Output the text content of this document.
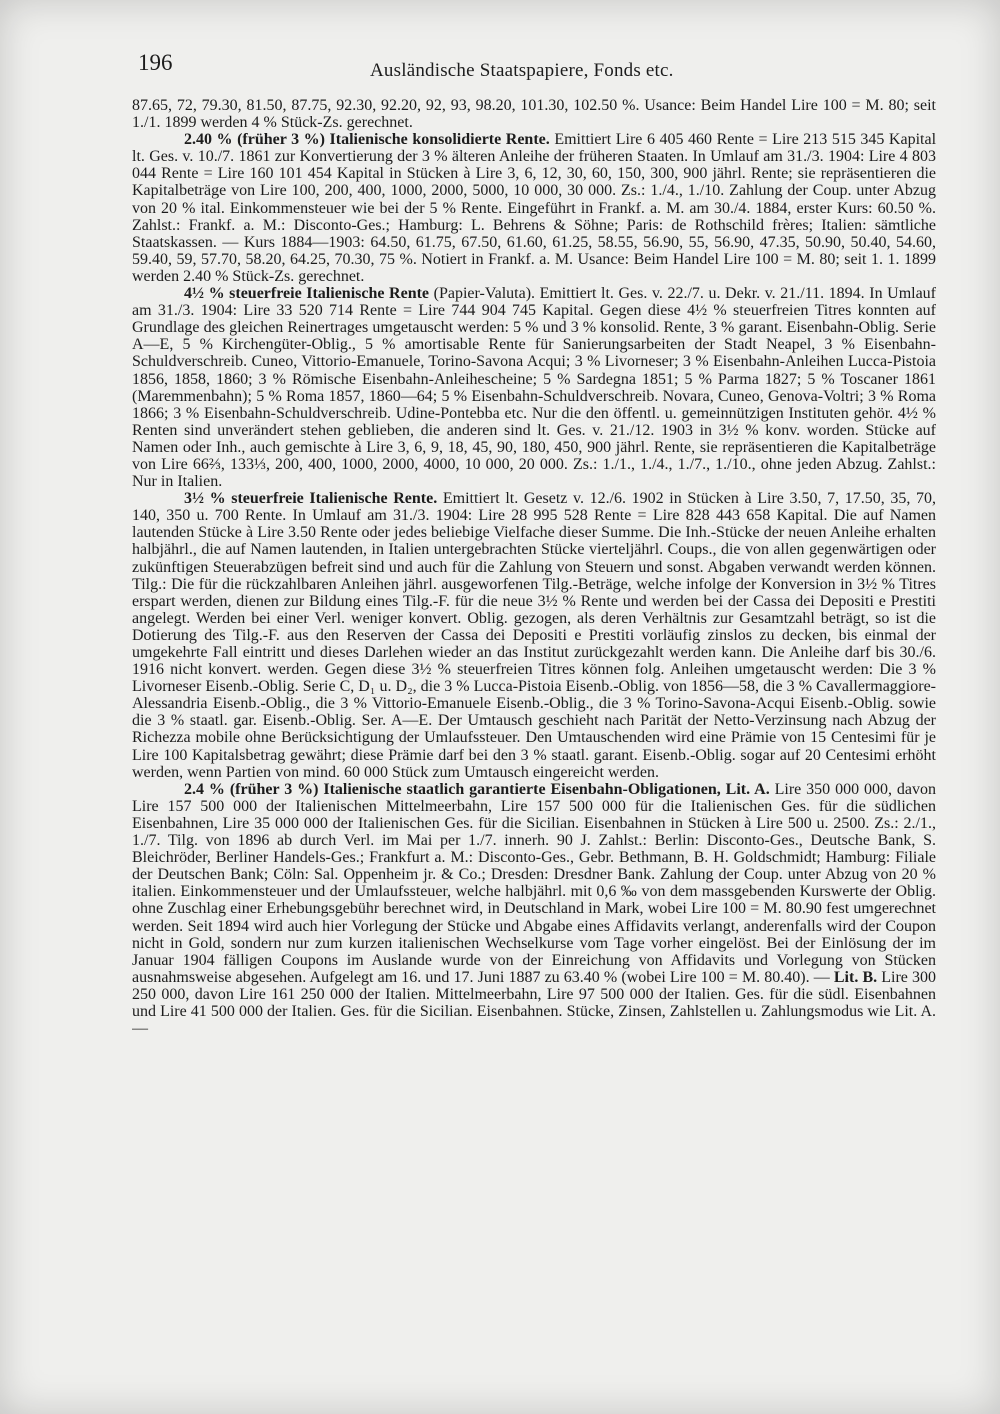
196	Ausländische Staatspapiere, Fonds etc.

87.65, 72, 79.30, 81.50, 87.75, 92.30, 92.20, 92, 93, 98.20, 101.30, 102.50 %. Usance: Beim Handel Lire 100 = M. 80; seit 1./1. 1899 werden 4 % Stück-Zs. gerechnet.

2.40 % (früher 3 %) Italienische konsolidierte Rente. Emittiert Lire 6 405 460 Rente = Lire 213 515 345 Kapital lt. Ges. v. 10./7. 1861 zur Konvertierung der 3 % älteren Anleihe der früheren Staaten. In Umlauf am 31./3. 1904: Lire 4 803 044 Rente = Lire 160 101 454 Kapital in Stücken à Lire 3, 6, 12, 30, 60, 150, 300, 900 jährl. Rente; sie repräsentieren die Kapitalbeträge von Lire 100, 200, 400, 1000, 2000, 5000, 10 000, 30 000. Zs.: 1./4., 1./10. Zahlung der Coup. unter Abzug von 20 % ital. Einkommensteuer wie bei der 5 % Rente. Eingeführt in Frankf. a. M. am 30./4. 1884, erster Kurs: 60.50 %. Zahlst.: Frankf. a. M.: Disconto-Ges.; Hamburg: L. Behrens & Söhne; Paris: de Rothschild frères; Italien: sämtliche Staatskassen. — Kurs 1884—1903: 64.50, 61.75, 67.50, 61.60, 61.25, 58.55, 56.90, 55, 56.90, 47.35, 50.90, 50.40, 54.60, 59.40, 59, 57.70, 58.20, 64.25, 70.30, 75 %. Notiert in Frankf. a. M. Usance: Beim Handel Lire 100 = M. 80; seit 1. 1. 1899 werden 2.40 % Stück-Zs. gerechnet.

4½ % steuerfreie Italienische Rente (Papier-Valuta). Emittiert lt. Ges. v. 22./7. u. Dekr. v. 21./11. 1894. In Umlauf am 31./3. 1904: Lire 33 520 714 Rente = Lire 744 904 745 Kapital. Gegen diese 4½ % steuerfreien Titres konnten auf Grundlage des gleichen Reinertrages umgetauscht werden: 5 % und 3 % konsolid. Rente, 3 % garant. Eisenbahn-Oblig. Serie A—E, 5 % Kirchengüter-Oblig., 5 % amortisable Rente für Sanierungsarbeiten der Stadt Neapel, 3 % Eisenbahn-Schuldverschreib. Cuneo, Vittorio-Emanuele, Torino-Savona Acqui; 3 % Livorneser; 3 % Eisenbahn-Anleihen Lucca-Pistoia 1856, 1858, 1860; 3 % Römische Eisenbahn-Anleihescheine; 5 % Sardegna 1851; 5 % Parma 1827; 5 % Toscaner 1861 (Maremmenbahn); 5 % Roma 1857, 1860—64; 5 % Eisenbahn-Schuldverschreib. Novara, Cuneo, Genova-Voltri; 3 % Roma 1866; 3 % Eisenbahn-Schuldverschreib. Udine-Pontebba etc. Nur die den öffentl. u. gemeinnützigen Instituten gehör. 4½ % Renten sind unverändert stehen geblieben, die anderen sind lt. Ges. v. 21./12. 1903 in 3½ % konv. worden. Stücke auf Namen oder Inh., auch gemischte à Lire 3, 6, 9, 18, 45, 90, 180, 450, 900 jährl. Rente, sie repräsentieren die Kapitalbeträge von Lire 66⅔, 133⅓, 200, 400, 1000, 2000, 4000, 10 000, 20 000. Zs.: 1./1., 1./4., 1./7., 1./10., ohne jeden Abzug. Zahlst.: Nur in Italien.

3½ % steuerfreie Italienische Rente. Emittiert lt. Gesetz v. 12./6. 1902 in Stücken à Lire 3.50, 7, 17.50, 35, 70, 140, 350 u. 700 Rente. In Umlauf am 31./3. 1904: Lire 28 995 528 Rente = Lire 828 443 658 Kapital. Die auf Namen lautenden Stücke à Lire 3.50 Rente oder jedes beliebige Vielfache dieser Summe. Die Inh.-Stücke der neuen Anleihe erhalten halbjährl., die auf Namen lautenden, in Italien untergebrachten Stücke vierteljährl. Coups., die von allen gegenwärtigen oder zukünftigen Steuerabzügen befreit sind und auch für die Zahlung von Steuern und sonst. Abgaben verwandt werden können. Tilg.: Die für die rückzahlbaren Anleihen jährl. ausgeworfenen Tilg.-Beträge, welche infolge der Konversion in 3½ % Titres erspart werden, dienen zur Bildung eines Tilg.-F. für die neue 3½ % Rente und werden bei der Cassa dei Depositi e Prestiti angelegt. Werden bei einer Verl. weniger konvert. Oblig. gezogen, als deren Verhältnis zur Gesamtzahl beträgt, so ist die Dotierung des Tilg.-F. aus den Reserven der Cassa dei Depositi e Prestiti vorläufig zinslos zu decken, bis einmal der umgekehrte Fall eintritt und dieses Darlehen wieder an das Institut zurückgezahlt werden kann. Die Anleihe darf bis 30./6. 1916 nicht konvert. werden. Gegen diese 3½ % steuerfreien Titres können folg. Anleihen umgetauscht werden: Die 3 % Livorneser Eisenb.-Oblig. Serie C, D₁ u. D₂, die 3 % Lucca-Pistoia Eisenb.-Oblig. von 1856—58, die 3 % Cavallermaggiore-Alessandria Eisenb.-Oblig., die 3 % Vittorio-Emanuele Eisenb.-Oblig., die 3 % Torino-Savona-Acqui Eisenb.-Oblig. sowie die 3 % staatl. gar. Eisenb.-Oblig. Ser. A—E. Der Umtausch geschieht nach Parität der Netto-Verzinsung nach Abzug der Richezza mobile ohne Berücksichtigung der Umlaufssteuer. Den Umtauschenden wird eine Prämie von 15 Centesimi für je Lire 100 Kapitalsbetrag gewährt; diese Prämie darf bei den 3 % staatl. garant. Eisenb.-Oblig. sogar auf 20 Centesimi erhöht werden, wenn Partien von mind. 60 000 Stück zum Umtausch eingereicht werden.

2.4 % (früher 3 %) Italienische staatlich garantierte Eisenbahn-Obligationen, Lit. A. Lire 350 000 000, davon Lire 157 500 000 der Italienischen Mittelmeerbahn, Lire 157 500 000 für die Italienischen Ges. für die südlichen Eisenbahnen, Lire 35 000 000 der Italienischen Ges. für die Sicilian. Eisenbahnen in Stücken à Lire 500 u. 2500. Zs.: 2./1., 1./7. Tilg. von 1896 ab durch Verl. im Mai per 1./7. innerh. 90 J. Zahlst.: Berlin: Disconto-Ges., Deutsche Bank, S. Bleichröder, Berliner Handels-Ges.; Frankfurt a. M.: Disconto-Ges., Gebr. Bethmann, B. H. Goldschmidt; Hamburg: Filiale der Deutschen Bank; Cöln: Sal. Oppenheim jr. & Co.; Dresden: Dresdner Bank. Zahlung der Coup. unter Abzug von 20 % italien. Einkommensteuer und der Umlaufssteuer, welche halbjährl. mit 0,6 ‰ von dem massgebenden Kurswerte der Oblig. ohne Zuschlag einer Erhebungsgebühr berechnet wird, in Deutschland in Mark, wobei Lire 100 = M. 80.90 fest umgerechnet werden. Seit 1894 wird auch hier Vorlegung der Stücke und Abgabe eines Affidavits verlangt, anderenfalls wird der Coupon nicht in Gold, sondern nur zum kurzen italienischen Wechselkurse vom Tage vorher eingelöst. Bei der Einlösung der im Januar 1904 fälligen Coupons im Auslande wurde von der Einreichung von Affidavits und Vorlegung von Stücken ausnahmsweise abgesehen. Aufgelegt am 16. und 17. Juni 1887 zu 63.40 % (wobei Lire 100 = M. 80.40). — Lit. B. Lire 300 250 000, davon Lire 161 250 000 der Italien. Mittelmeerbahn, Lire 97 500 000 der Italien. Ges. für die südl. Eisenbahnen und Lire 41 500 000 der Italien. Ges. für die Sicilian. Eisenbahnen. Stücke, Zinsen, Zahlstellen u. Zahlungsmodus wie Lit. A. —
